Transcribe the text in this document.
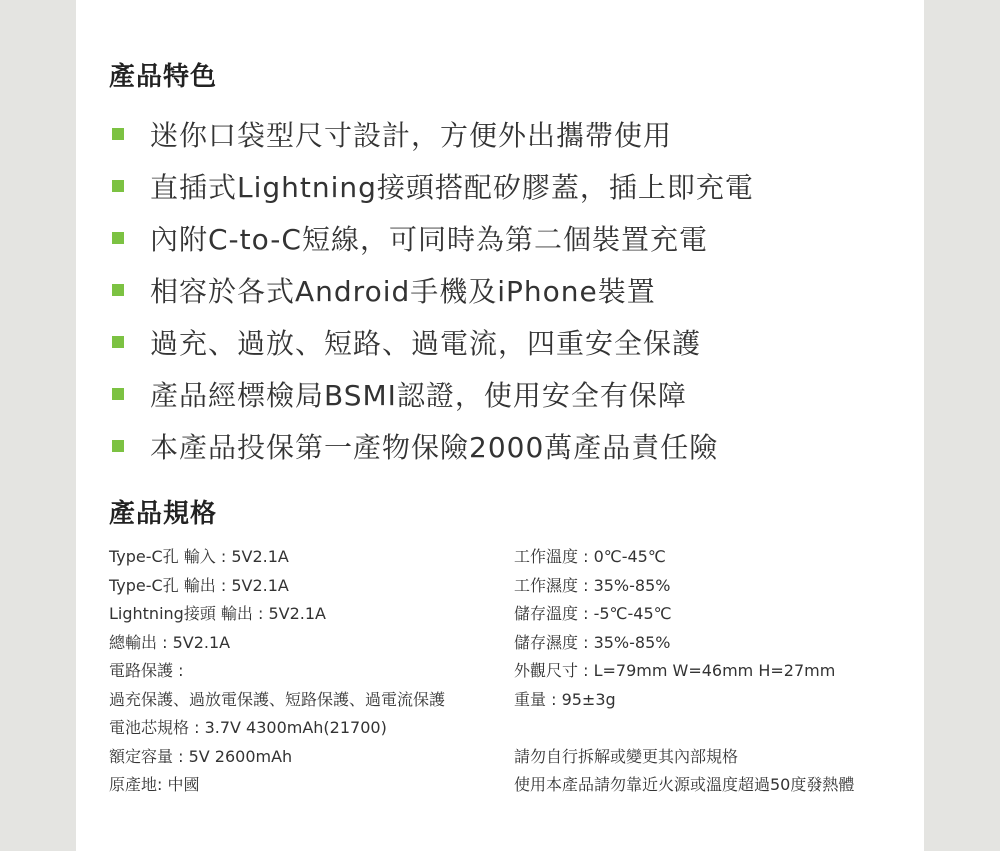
產品特色
迷你口袋型尺寸設計，方便外出攜帶使用
直插式Lightning接頭搭配矽膠蓋，插上即充電
內附C-to-C短線，可同時為第二個裝置充電
相容於各式Android手機及iPhone裝置
過充、過放、短路、過電流，四重安全保護
產品經標檢局BSMI認證，使用安全有保障
本產品投保第一產物保險2000萬產品責任險
產品規格
Type-C孔 輸入 : 5V2.1A
Type-C孔 輸出 : 5V2.1A
Lightning接頭 輸出 : 5V2.1A
總輸出 : 5V2.1A
電路保護 :
過充保護、過放電保護、短路保護、過電流保護
電池芯規格 : 3.7V 4300mAh(21700)
額定容量 : 5V 2600mAh
原產地: 中國
工作溫度 : 0℃-45℃
工作濕度 : 35%-85%
儲存溫度 : -5℃-45℃
儲存濕度 : 35%-85%
外觀尺寸 : L=79mm W=46mm H=27mm
重量 : 95±3g
請勿自行拆解或變更其內部規格
使用本產品請勿靠近火源或溫度超過50度發熱體
